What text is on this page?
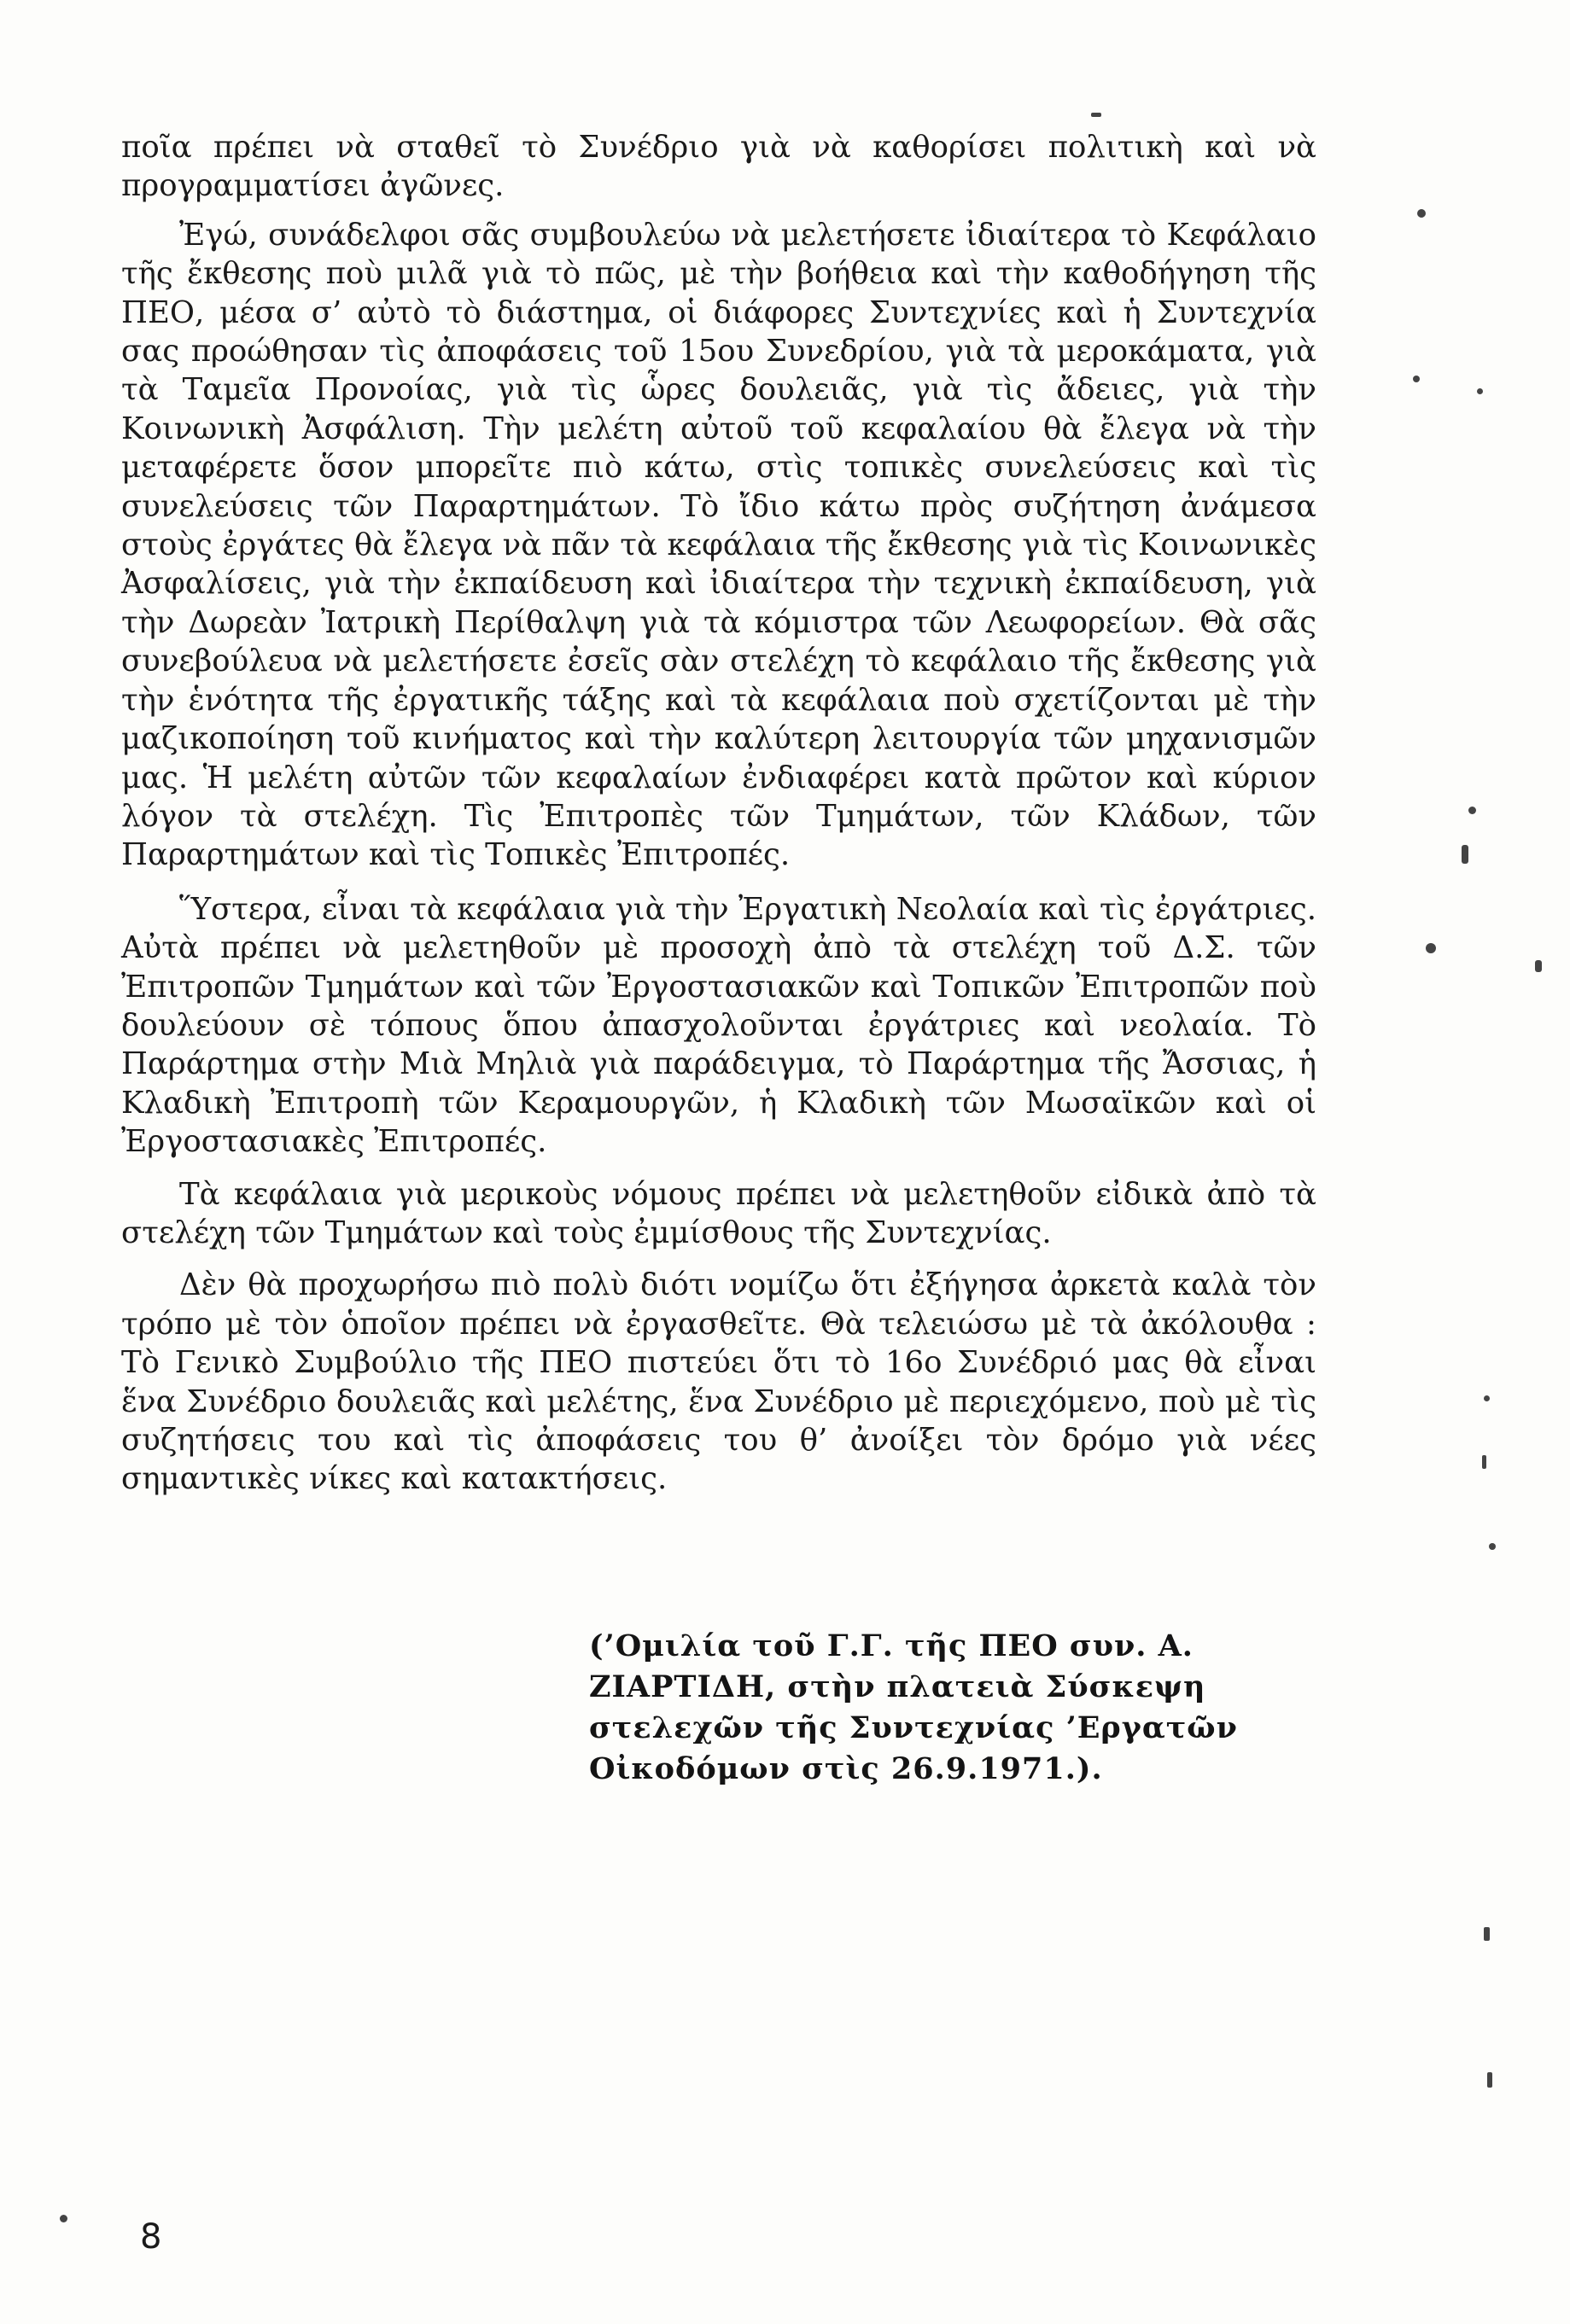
ποῖα πρέπει νὰ σταθεῖ τὸ Συνέδριο γιὰ νὰ καθορίσει πολιτικὴ καὶ νὰ προγραμματίσει ἀγῶνες.

Ἐγώ, συνάδελφοι σᾶς συμβουλεύω νὰ μελετήσετε ἰδιαίτερα τὸ Κεφάλαιο τῆς ἔκθεσης ποὺ μιλᾶ γιὰ τὸ πῶς, μὲ τὴν βοήθεια καὶ τὴν καθοδήγηση τῆς ΠΕΟ, μέσα σ’ αὐτὸ τὸ διάστημα, οἱ διάφορες Συντεχνίες καὶ ἡ Συντεχνία σας προώθησαν τὶς ἀποφάσεις τοῦ 15ου Συνεδρίου, γιὰ τὰ μεροκάματα, γιὰ τὰ Ταμεῖα Προνοίας, γιὰ τὶς ὧρες δουλειᾶς, γιὰ τὶς ἄδειες, γιὰ τὴν Κοινωνικὴ Ἀσφάλιση. Τὴν μελέτη αὐτοῦ τοῦ κεφαλαίου θὰ ἔλεγα νὰ τὴν μεταφέρετε ὅσον μπορεῖτε πιὸ κάτω, στὶς τοπικὲς συνελεύσεις καὶ τὶς συνελεύσεις τῶν Παραρτημάτων. Τὸ ἴδιο κάτω πρὸς συζήτηση ἀνάμεσα στοὺς ἐργάτες θὰ ἔλεγα νὰ πᾶν τὰ κεφάλαια τῆς ἔκθεσης γιὰ τὶς Κοινωνικὲς Ἀσφαλίσεις, γιὰ τὴν ἐκπαίδευση καὶ ἰδιαίτερα τὴν τεχνικὴ ἐκπαίδευση, γιὰ τὴν Δωρεὰν Ἰατρικὴ Περίθαλψη γιὰ τὰ κόμιστρα τῶν Λεωφορείων. Θὰ σᾶς συνεβούλευα νὰ μελετήσετε ἐσεῖς σὰν στελέχη τὸ κεφάλαιο τῆς ἔκθεσης γιὰ τὴν ἑνότητα τῆς ἐργατικῆς τάξης καὶ τὰ κεφάλαια ποὺ σχετίζονται μὲ τὴν μαζικοποίηση τοῦ κινήματος καὶ τὴν καλύτερη λειτουργία τῶν μηχανισμῶν μας. Ἡ μελέτη αὐτῶν τῶν κεφαλαίων ἐνδιαφέρει κατὰ πρῶτον καὶ κύριον λόγον τὰ στελέχη. Τὶς Ἐπιτροπὲς τῶν Τμημάτων, τῶν Κλάδων, τῶν Παραρτημάτων καὶ τὶς Τοπικὲς Ἐπιτροπές.

Ὕστερα, εἶναι τὰ κεφάλαια γιὰ τὴν Ἐργατικὴ Νεολαία καὶ τὶς ἐργάτριες. Αὐτὰ πρέπει νὰ μελετηθοῦν μὲ προσοχὴ ἀπὸ τὰ στελέχη τοῦ Δ.Σ. τῶν Ἐπιτροπῶν Τμημάτων καὶ τῶν Ἐργοστασιακῶν καὶ Τοπικῶν Ἐπιτροπῶν ποὺ δουλεύουν σὲ τόπους ὅπου ἀπασχολοῦνται ἐργάτριες καὶ νεολαία. Τὸ Παράρτημα στὴν Μιὰ Μηλιὰ γιὰ παράδειγμα, τὸ Παράρτημα τῆς Ἄσσιας, ἡ Κλαδικὴ Ἐπιτροπὴ τῶν Κεραμουργῶν, ἡ Κλαδικὴ τῶν Μωσαϊκῶν καὶ οἱ Ἐργοστασιακὲς Ἐπιτροπές.

Τὰ κεφάλαια γιὰ μερικοὺς νόμους πρέπει νὰ μελετηθοῦν εἰδικὰ ἀπὸ τὰ στελέχη τῶν Τμημάτων καὶ τοὺς ἐμμίσθους τῆς Συντεχνίας.

Δὲν θὰ προχωρήσω πιὸ πολὺ διότι νομίζω ὅτι ἐξήγησα ἀρκετὰ καλὰ τὸν τρόπο μὲ τὸν ὁποῖον πρέπει νὰ ἐργασθεῖτε. Θὰ τελειώσω μὲ τὰ ἀκόλουθα : Τὸ Γενικὸ Συμβούλιο τῆς ΠΕΟ πιστεύει ὅτι τὸ 16ο Συνέδριό μας θὰ εἶναι ἕνα Συνέδριο δουλειᾶς καὶ μελέτης, ἕνα Συνέδριο μὲ περιεχόμενο, ποὺ μὲ τὶς συζητήσεις του καὶ τὶς ἀποφάσεις του θ’ ἀνοίξει τὸν δρόμο γιὰ νέες σημαντικὲς νίκες καὶ κατακτήσεις.

(’Ομιλία τοῦ Γ.Γ. τῆς ΠΕΟ συν. Α.
ΖΙΑΡΤΙΔΗ, στὴν πλατειὰ Σύσκεψη
στελεχῶν τῆς Συντεχνίας ’Εργατῶν
Οἰκοδόμων στὶς 26.9.1971.).
8
